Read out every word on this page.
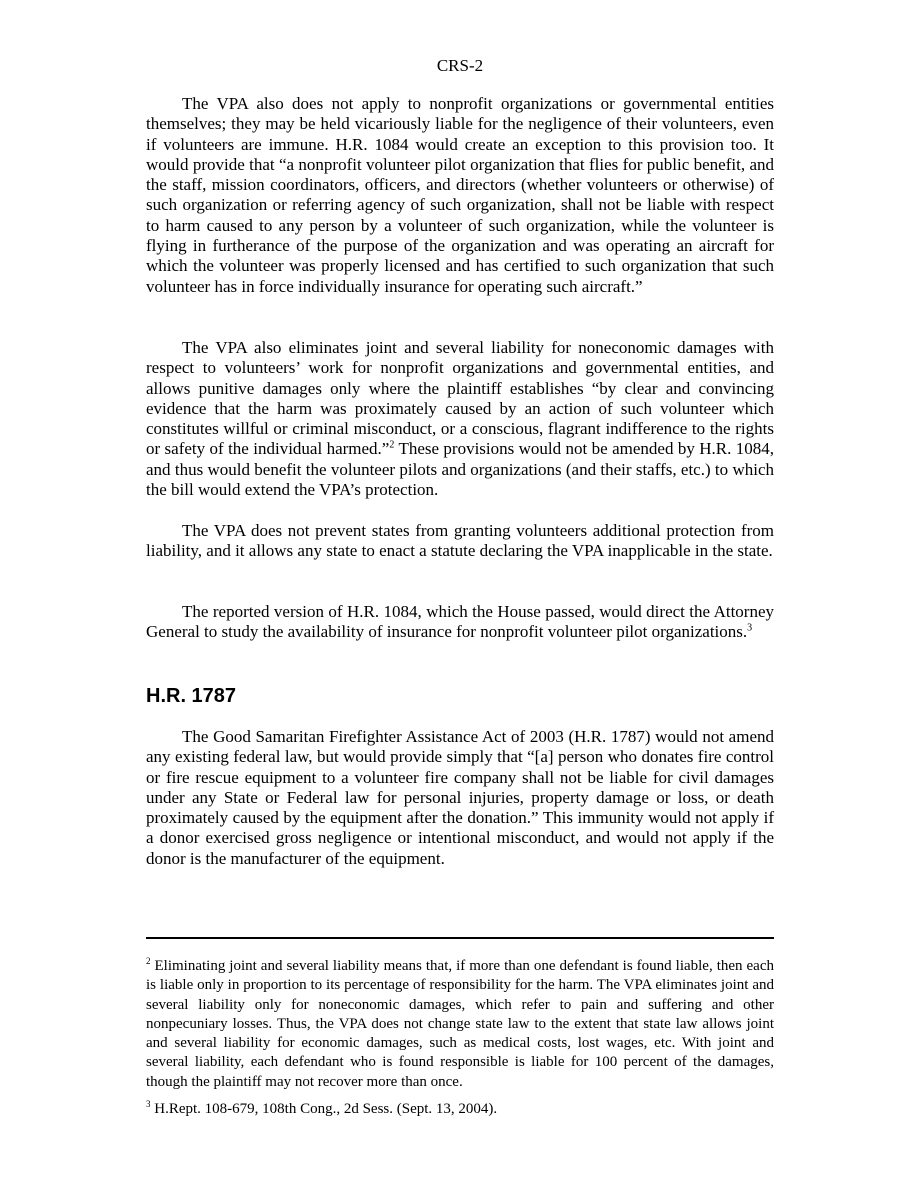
CRS-2

The VPA also does not apply to nonprofit organizations or governmental entities themselves; they may be held vicariously liable for the negligence of their volunteers, even if volunteers are immune. H.R. 1084 would create an exception to this provision too. It would provide that “a nonprofit volunteer pilot organization that flies for public benefit, and the staff, mission coordinators, officers, and directors (whether volunteers or otherwise) of such organization or referring agency of such organization, shall not be liable with respect to harm caused to any person by a volunteer of such organization, while the volunteer is flying in furtherance of the purpose of the organization and was operating an aircraft for which the volunteer was properly licensed and has certified to such organization that such volunteer has in force individually insurance for operating such aircraft.”

The VPA also eliminates joint and several liability for noneconomic damages with respect to volunteers’ work for nonprofit organizations and governmental entities, and allows punitive damages only where the plaintiff establishes “by clear and convincing evidence that the harm was proximately caused by an action of such volunteer which constitutes willful or criminal misconduct, or a conscious, flagrant indifference to the rights or safety of the individual harmed.”$^2$ These provisions would not be amended by H.R. 1084, and thus would benefit the volunteer pilots and organizations (and their staffs, etc.) to which the bill would extend the VPA’s protection.

The VPA does not prevent states from granting volunteers additional protection from liability, and it allows any state to enact a statute declaring the VPA inapplicable in the state.

The reported version of H.R. 1084, which the House passed, would direct the Attorney General to study the availability of insurance for nonprofit volunteer pilot organizations.$^3$

H.R. 1787

The Good Samaritan Firefighter Assistance Act of 2003 (H.R. 1787) would not amend any existing federal law, but would provide simply that “[a] person who donates fire control or fire rescue equipment to a volunteer fire company shall not be liable for civil damages under any State or Federal law for personal injuries, property damage or loss, or death proximately caused by the equipment after the donation.” This immunity would not apply if a donor exercised gross negligence or intentional misconduct, and would not apply if the donor is the manufacturer of the equipment.

$^2$ Eliminating joint and several liability means that, if more than one defendant is found liable, then each is liable only in proportion to its percentage of responsibility for the harm. The VPA eliminates joint and several liability only for noneconomic damages, which refer to pain and suffering and other nonpecuniary losses. Thus, the VPA does not change state law to the extent that state law allows joint and several liability for economic damages, such as medical costs, lost wages, etc. With joint and several liability, each defendant who is found responsible is liable for 100 percent of the damages, though the plaintiff may not recover more than once.

$^3$ H.Rept. 108-679, 108th Cong., 2d Sess. (Sept. 13, 2004).
